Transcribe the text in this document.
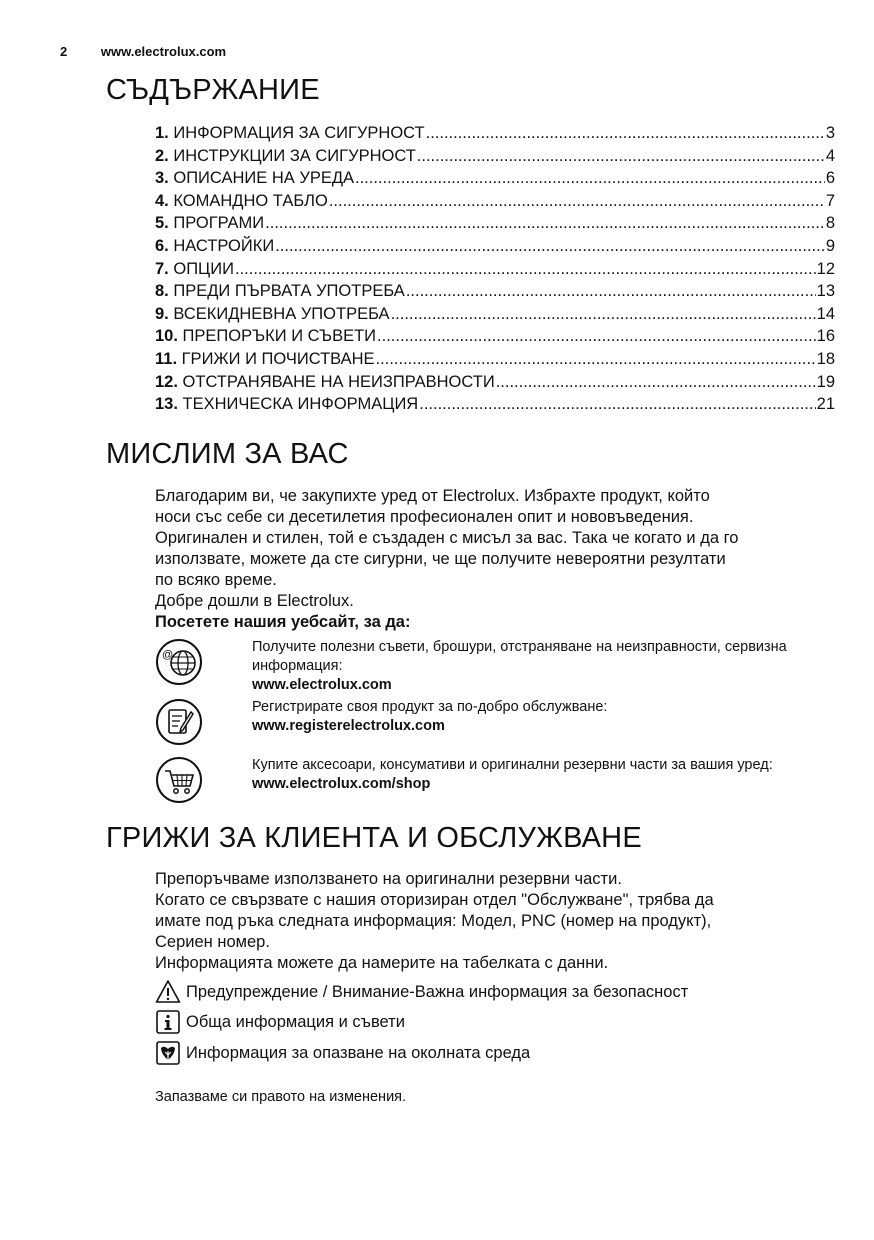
2	www.electrolux.com
СЪДЪРЖАНИЕ
1. ИНФОРМАЦИЯ ЗА СИГУРНОСТ .....	3
2. ИНСТРУКЦИИ ЗА СИГУРНОСТ .....	4
3. ОПИСАНИЕ НА УРЕДА .....	6
4. КОМАНДНО ТАБЛО .....	7
5. ПРОГРАМИ .....	8
6. НАСТРОЙКИ .....	9
7. ОПЦИИ .....	12
8. ПРЕДИ ПЪРВАТА УПОТРЕБА .....	13
9. ВСЕКИДНЕВНА УПОТРЕБА .....	14
10. ПРЕПОРЪКИ И СЪВЕТИ .....	16
11. ГРИЖИ И ПОЧИСТВАНЕ .....	18
12. ОТСТРАНЯВАНЕ НА НЕИЗПРАВНОСТИ .....	19
13. ТЕХНИЧЕСКА ИНФОРМАЦИЯ .....	21
МИСЛИМ ЗА ВАС
Благодарим ви, че закупихте уред от Electrolux. Избрахте продукт, който
носи със себе си десетилетия професионален опит и нововъведения.
Оригинален и стилен, той е създаден с мисъл за вас. Така че когато и да го
използвате, можете да сте сигурни, че ще получите невероятни резултати
по всяко време.
Добре дошли в Electrolux.
Посетете нашия уебсайт, за да:
@	Получите полезни съвети, брошури, отстраняване на неизправности, сервизна информация:
www.electrolux.com
Регистрирате своя продукт за по-добро обслужване:
www.registerelectrolux.com
Купите аксесоари, консумативи и оригинални резервни части за вашия уред:
www.electrolux.com/shop
ГРИЖИ ЗА КЛИЕНТА И ОБСЛУЖВАНЕ
Препоръчваме използването на оригинални резервни части.
Когато се свързвате с нашия оторизиран отдел "Обслужване", трябва да
имате под ръка следната информация: Модел, PNC (номер на продукт),
Сериен номер.
Информацията можете да намерите на табелката с данни.
Предупреждение / Внимание-Важна информация за безопасност
Обща информация и съвети
Информация за опазване на околната среда
Запазваме си правото на изменения.
